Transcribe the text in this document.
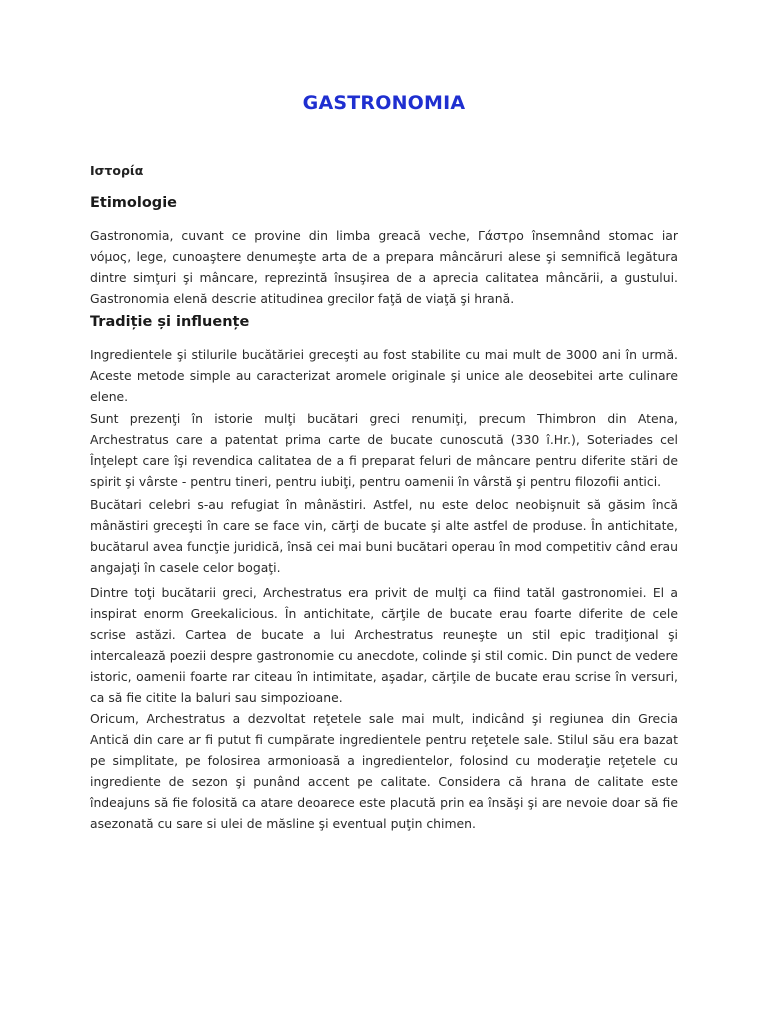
GASTRONOMIA
Ιστορία
Etimologie

Gastronomia, cuvant ce provine din limba greacă veche, Γάστρο însemnând stomac iar νόμος, lege, cunoaştere denumeşte arta de a prepara mâncăruri alese şi semnifică legătura dintre simţuri şi mâncare, reprezintă însuşirea de a aprecia calitatea mâncării, a gustului. Gastronomia elenă descrie atitudinea grecilor faţă de viaţă şi hrană.

Tradiție și influențe

Ingredientele şi stilurile bucătăriei greceşti au fost stabilite cu mai mult de 3000 ani în urmă. Aceste metode simple au caracterizat aromele originale şi unice ale deosebitei arte culinare elene.

Sunt prezenţi în istorie mulţi bucătari greci renumiţi, precum Thimbron din Atena, Archestratus care a patentat prima carte de bucate cunoscută (330 î.Hr.), Soteriades cel Înţelept care îşi revendica calitatea de a fi preparat feluri de mâncare pentru diferite stări de spirit şi vârste - pentru tineri, pentru iubiţi, pentru oamenii în vârstă şi pentru filozofii antici.

Bucătari celebri s-au refugiat în mânăstiri. Astfel, nu este deloc neobişnuit să găsim încă mânăstiri greceşti în care se face vin, cărţi de bucate şi alte astfel de produse. În antichitate, bucătarul avea funcţie juridică, însă cei mai buni bucătari operau în mod competitiv când erau angajaţi în casele celor bogaţi.

Dintre toţi bucătarii greci, Archestratus era privit de mulţi ca fiind tatăl gastronomiei. El a inspirat enorm Greekalicious. În antichitate, cărţile de bucate erau foarte diferite de cele scrise astăzi. Cartea de bucate a lui Archestratus reuneşte un stil epic tradiţional şi intercalează poezii despre gastronomie cu anecdote, colinde şi stil comic. Din punct de vedere istoric, oamenii foarte rar citeau în intimitate, aşadar, cărţile de bucate erau scrise în versuri, ca să fie citite la baluri sau simpozioane.

Oricum, Archestratus a dezvoltat reţetele sale mai mult, indicând şi regiunea din Grecia Antică din care ar fi putut fi cumpărate ingredientele pentru reţetele sale. Stilul său era bazat pe simplitate, pe folosirea armonioasă a ingredientelor, folosind cu moderaţie reţetele cu ingrediente de sezon şi punând accent pe calitate. Considera că hrana de calitate este îndeajuns să fie folosită ca atare deoarece este placută prin ea însăşi şi are nevoie doar să fie asezonată cu sare si ulei de măsline şi eventual puţin chimen.
